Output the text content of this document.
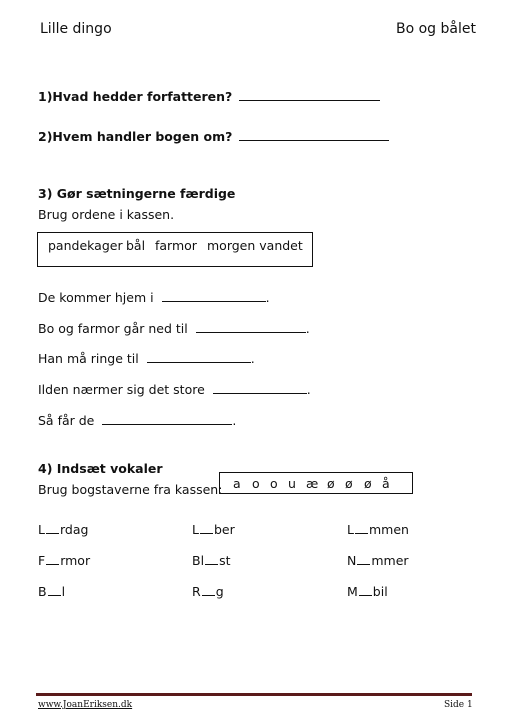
Lille dingo	Bo og bålet
1)Hvad hedder forfatteren?
2)Hvem handler bogen om?
3) Gør sætningerne færdige
Brug ordene i kassen.
pandekager bål farmor morgen vandet
De kommer hjem i	.
Bo og farmor går ned til	.
Han må ringe til	.
Ilden nærmer sig det store	.
Så får de	.
4) Indsæt vokaler
Brug bogstaverne fra kassen: a o o u æ ø ø ø å
L rdag	L ber	L mmen
F rmor	Bl st	N mmer
B l	R g	M bil
www.JoanEriksen.dk	Side 1
